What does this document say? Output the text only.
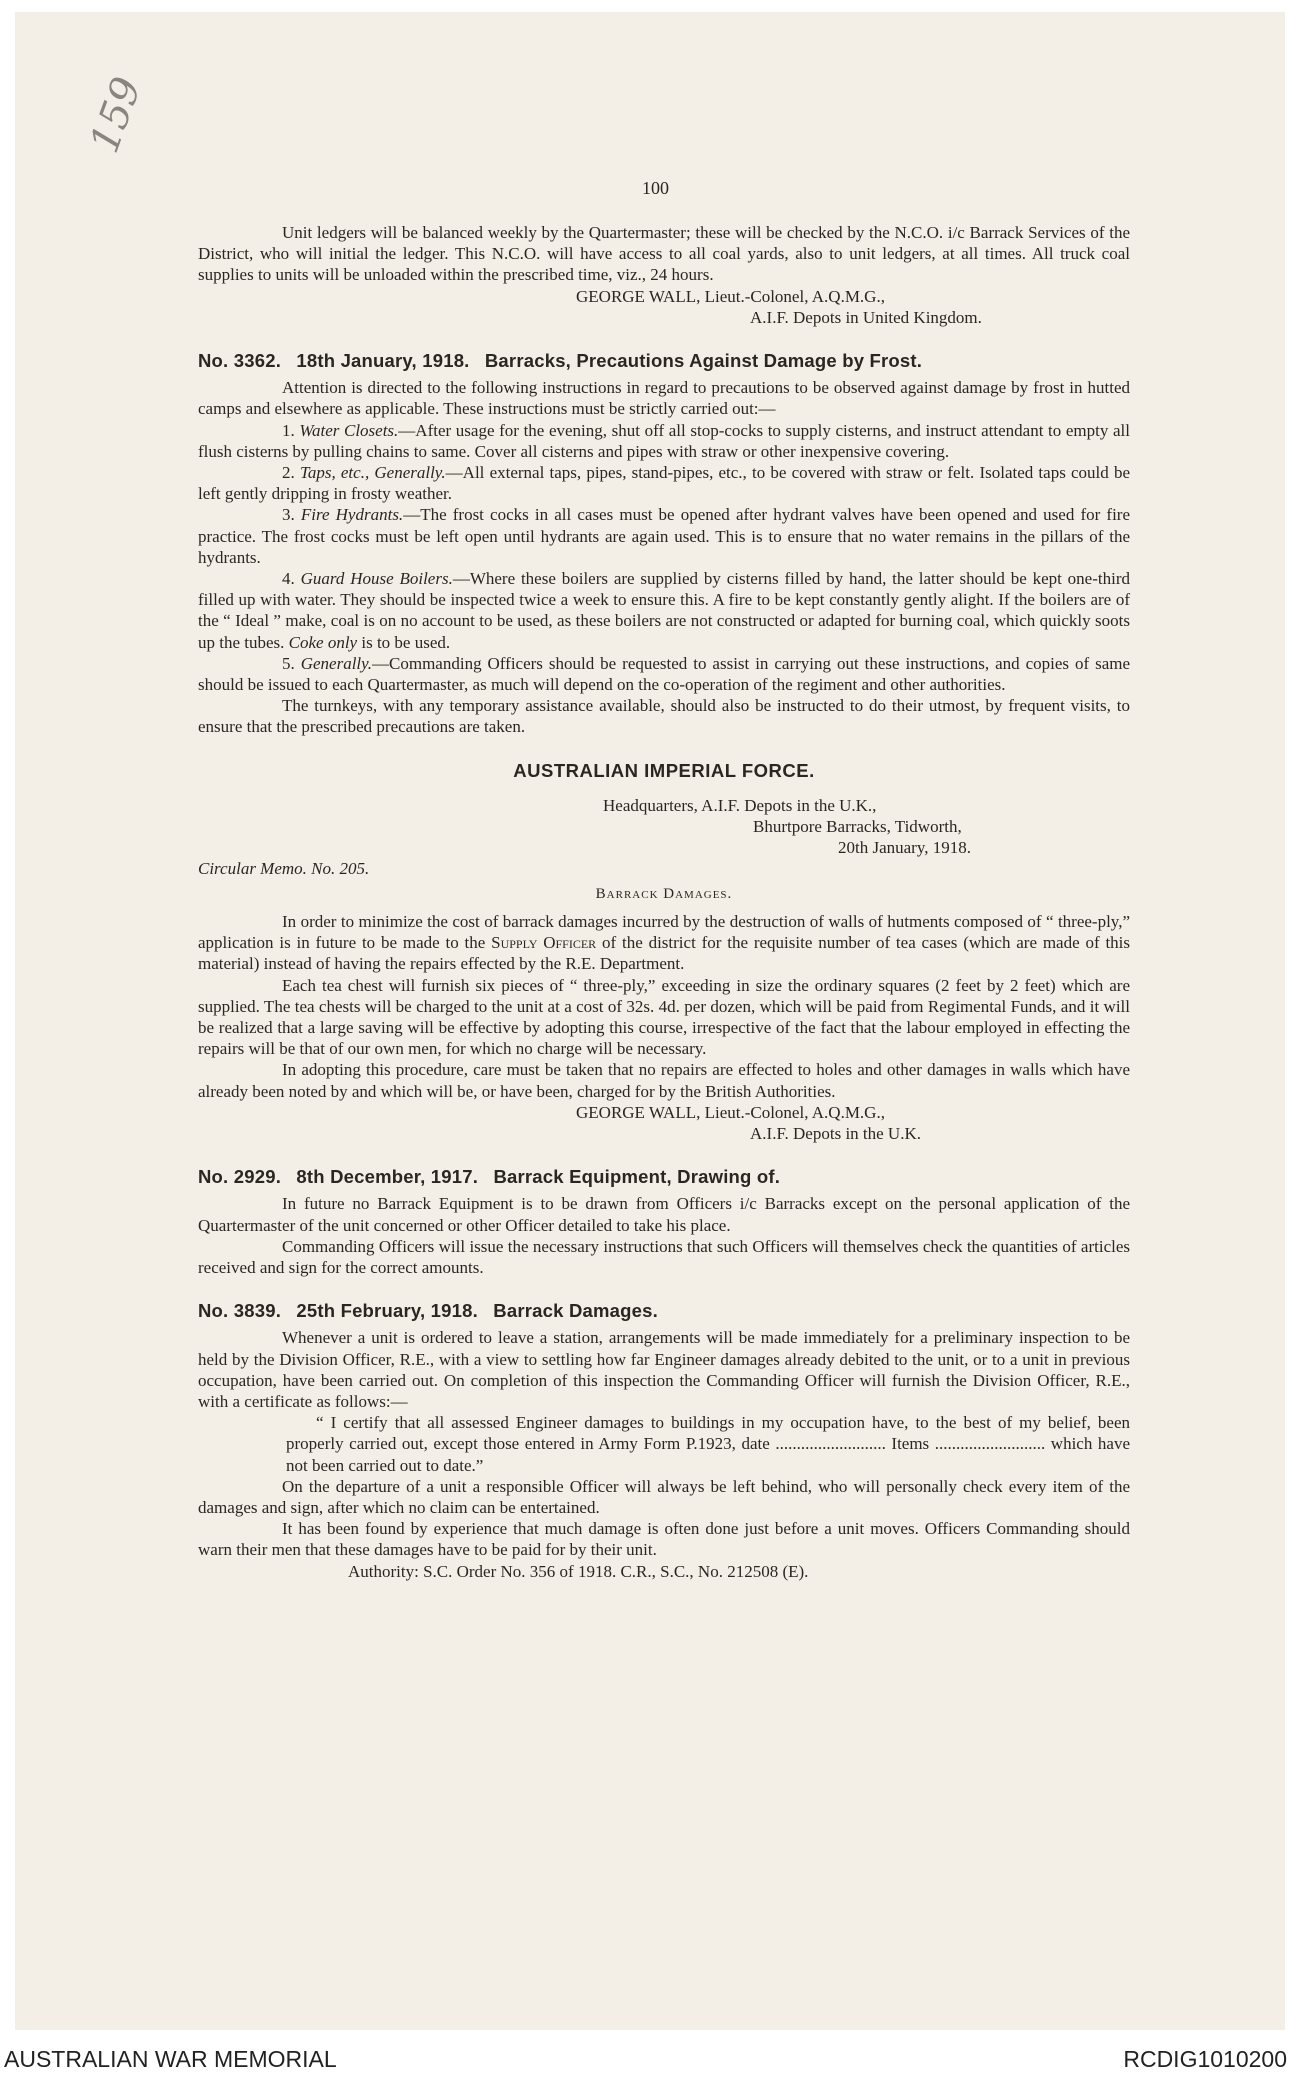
159
100

Unit ledgers will be balanced weekly by the Quartermaster; these will be checked by the N.C.O. i/c Barrack Services of the District, who will initial the ledger. This N.C.O. will have access to all coal yards, also to unit ledgers, at all times. All truck coal supplies to units will be unloaded within the prescribed time, viz., 24 hours.

GEORGE WALL, Lieut.-Colonel, A.Q.M.G.,

A.I.F. Depots in United Kingdom.

No. 3362. 18th January, 1918. Barracks, Precautions Against Damage by Frost.

Attention is directed to the following instructions in regard to precautions to be observed against damage by frost in hutted camps and elsewhere as applicable. These instructions must be strictly carried out:—

1. Water Closets.—After usage for the evening, shut off all stop-cocks to supply cisterns, and instruct attendant to empty all flush cisterns by pulling chains to same. Cover all cisterns and pipes with straw or other inexpensive covering.

2. Taps, etc., Generally.—All external taps, pipes, stand-pipes, etc., to be covered with straw or felt. Isolated taps could be left gently dripping in frosty weather.

3. Fire Hydrants.—The frost cocks in all cases must be opened after hydrant valves have been opened and used for fire practice. The frost cocks must be left open until hydrants are again used. This is to ensure that no water remains in the pillars of the hydrants.

4. Guard House Boilers.—Where these boilers are supplied by cisterns filled by hand, the latter should be kept one-third filled up with water. They should be inspected twice a week to ensure this. A fire to be kept constantly gently alight. If the boilers are of the “ Ideal ” make, coal is on no account to be used, as these boilers are not constructed or adapted for burning coal, which quickly soots up the tubes. Coke only is to be used.

5. Generally.—Commanding Officers should be requested to assist in carrying out these instructions, and copies of same should be issued to each Quartermaster, as much will depend on the co-operation of the regiment and other authorities.

The turnkeys, with any temporary assistance available, should also be instructed to do their utmost, by frequent visits, to ensure that the prescribed precautions are taken.

AUSTRALIAN IMPERIAL FORCE.

Headquarters, A.I.F. Depots in the U.K.,

Bhurtpore Barracks, Tidworth,

20th January, 1918.

Circular Memo. No. 205.

Barrack Damages.

In order to minimize the cost of barrack damages incurred by the destruction of walls of hutments composed of “ three-ply,” application is in future to be made to the Supply Officer of the district for the requisite number of tea cases (which are made of this material) instead of having the repairs effected by the R.E. Department.

Each tea chest will furnish six pieces of “ three-ply,” exceeding in size the ordinary squares (2 feet by 2 feet) which are supplied. The tea chests will be charged to the unit at a cost of 32s. 4d. per dozen, which will be paid from Regimental Funds, and it will be realized that a large saving will be effective by adopting this course, irrespective of the fact that the labour employed in effecting the repairs will be that of our own men, for which no charge will be necessary.

In adopting this procedure, care must be taken that no repairs are effected to holes and other damages in walls which have already been noted by and which will be, or have been, charged for by the British Authorities.

GEORGE WALL, Lieut.-Colonel, A.Q.M.G.,

A.I.F. Depots in the U.K.

No. 2929. 8th December, 1917. Barrack Equipment, Drawing of.

In future no Barrack Equipment is to be drawn from Officers i/c Barracks except on the personal application of the Quartermaster of the unit concerned or other Officer detailed to take his place.

Commanding Officers will issue the necessary instructions that such Officers will themselves check the quantities of articles received and sign for the correct amounts.

No. 3839. 25th February, 1918. Barrack Damages.

Whenever a unit is ordered to leave a station, arrangements will be made immediately for a preliminary inspection to be held by the Division Officer, R.E., with a view to settling how far Engineer damages already debited to the unit, or to a unit in previous occupation, have been carried out. On completion of this inspection the Commanding Officer will furnish the Division Officer, R.E., with a certificate as follows:—

“ I certify that all assessed Engineer damages to buildings in my occupation have, to the best of my belief, been properly carried out, except those entered in Army Form P.1923, date .......................... Items .......................... which have not been carried out to date.”

On the departure of a unit a responsible Officer will always be left behind, who will personally check every item of the damages and sign, after which no claim can be entertained.

It has been found by experience that much damage is often done just before a unit moves. Officers Commanding should warn their men that these damages have to be paid for by their unit.

Authority: S.C. Order No. 356 of 1918. C.R., S.C., No. 212508 (E).

AUSTRALIAN WAR MEMORIAL	RCDIG1010200
